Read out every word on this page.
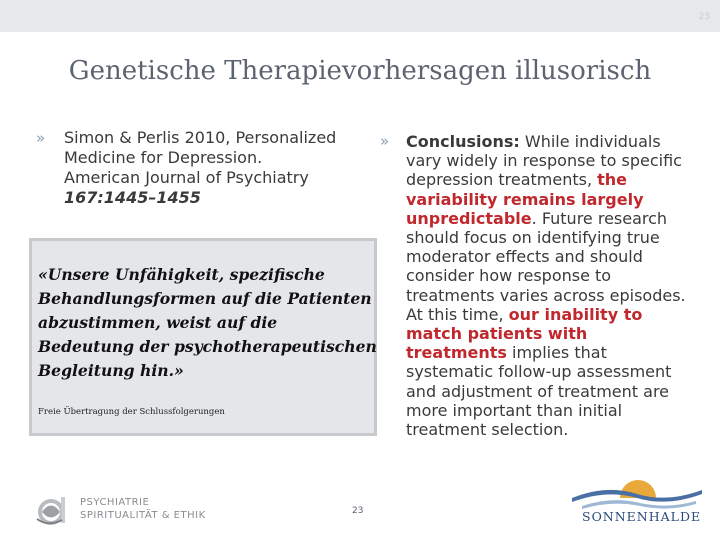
23
Genetische Therapievorhersagen illusorisch
»	Simon & Perlis 2010, Personalized
Medicine for Depression.
American Journal of Psychiatry
167:1445–1455
«Unsere Unfähigkeit, spezifische Behandlungsformen auf die Patienten abzustimmen, weist auf die Bedeutung der psychotherapeutischen Begleitung hin.»
Freie Übertragung der Schlussfolgerungen
»	Conclusions: While individuals vary widely in response to specific depression treatments, the variability remains largely unpredictable. Future research should focus on identifying true moderator effects and should consider how response to treatments varies across episodes. At this time, our inability to match patients with treatments implies that systematic follow-up assessment and adjustment of treatment are more important than initial treatment selection.
PSYCHIATRIE
SPIRITUALITÄT & ETHIK	23	SONNENHALDE
